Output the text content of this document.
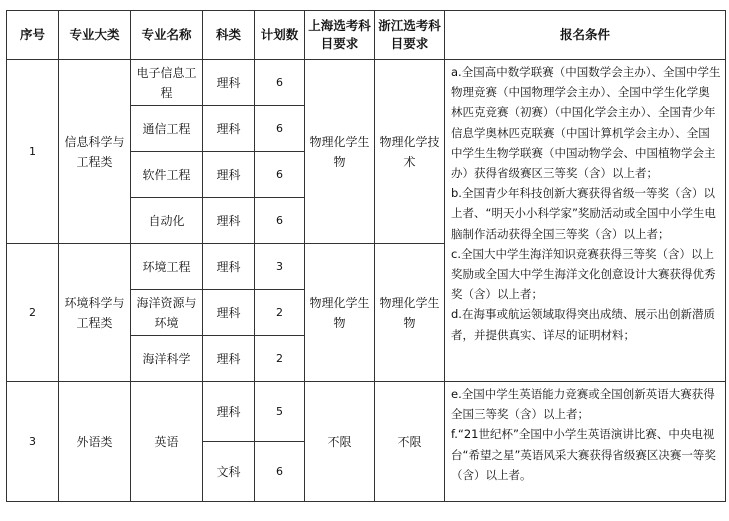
序号	专业大类	专业名称	科类	计划数	上海选考科目要求	浙江选考科目要求	报名条件
1	信息科学与工程类	电子信息工程	理科	6	物理化学生物	物理化学技术	a.全国高中数学联赛（中国数学会主办）、全国中学生物理竞赛（中国物理学会主办）、全国中学生化学奥林匹克竞赛（初赛）（中国化学会主办）、全国青少年信息学奥林匹克联赛（中国计算机学会主办）、全国中学生生物学联赛（中国动物学会、中国植物学会主办）获得省级赛区三等奖（含）以上者；

b.全国青少年科技创新大赛获得省级一等奖（含）以上者、“明天小小科学家”奖励活动或全国中小学生电脑制作活动获得全国三等奖（含）以上者；

c.全国大中学生海洋知识竞赛获得三等奖（含）以上奖励或全国大中学生海洋文化创意设计大赛获得优秀奖（含）以上者；

d.在海事或航运领域取得突出成绩、展示出创新潜质者，并提供真实、详尽的证明材料；

		通信工程	理科	6			
		软件工程	理科	6			
		自动化	理科	6			
2	环境科学与工程类	环境工程	理科	3	物理化学生物	物理化学生物	
		海洋资源与环境	理科	2			
		海洋科学	理科	2			
3	外语类	英语	理科	5	不限	不限	e.全国中学生英语能力竞赛或全国创新英语大赛获得全国三等奖（含）以上者；

f.“21世纪杯”全国中小学生英语演讲比赛、中央电视台“希望之星”英语风采大赛获得省级赛区决赛一等奖（含）以上者。

			文科	6			
